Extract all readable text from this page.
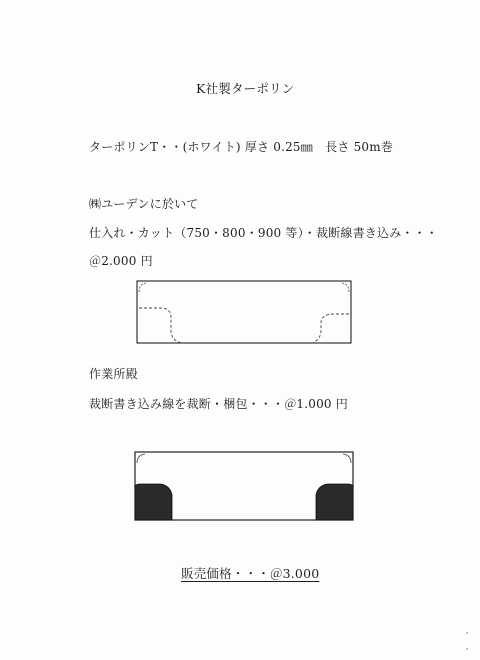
K社製ターポリン
ターポリンT・・(ホワイト) 厚さ 0.25㎜　長さ 50m巻
㈱ユーデンに於いて
仕入れ・カット（750・800・900 等）・裁断線書き込み・・・
＠2.000 円
作業所殿
裁断書き込み線を裁断・梱包・・・＠1.000 円
販売価格・・・＠3.000
